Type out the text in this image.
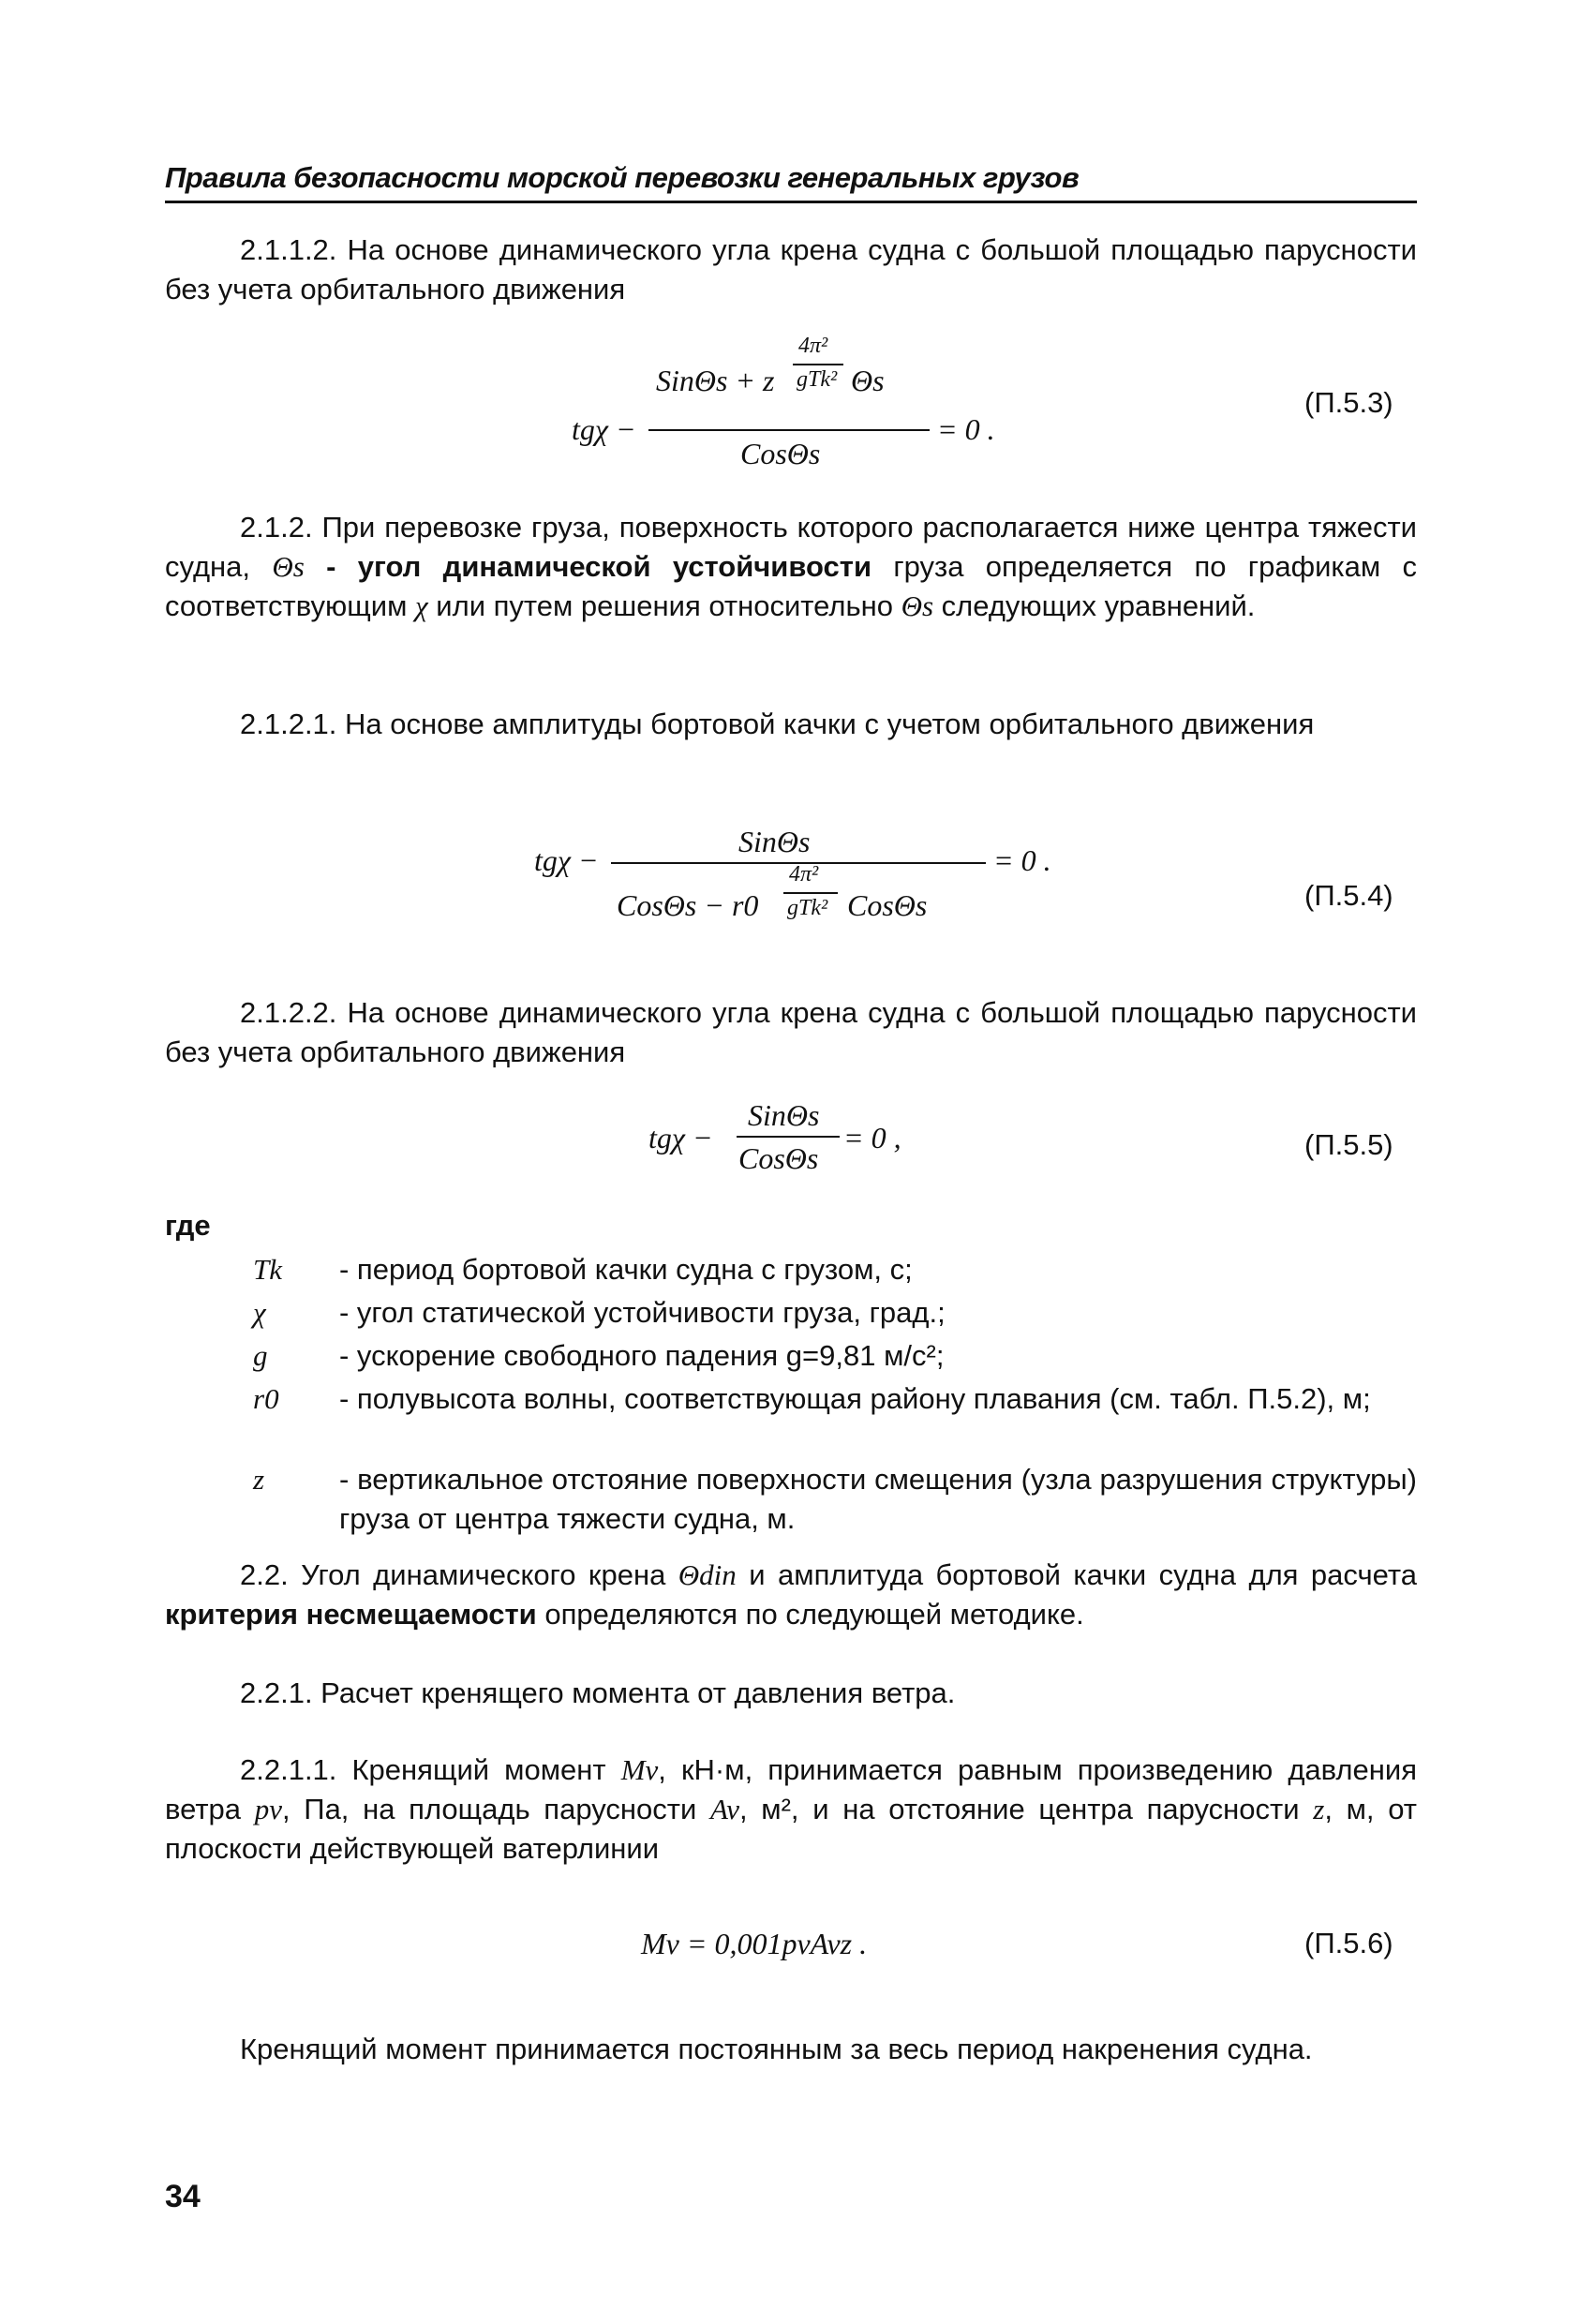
Правила безопасности морской перевозки генеральных грузов
2.1.1.2. На основе динамического угла крена судна с большой площадью парусности без учета орбитального движения
tgχ −
SinΘs + z
4π²
gTk² Θs
CosΘs
= 0 .
(П.5.3)
2.1.2. При перевозке груза, поверхность которого располагается ниже центра тяжести судна, Θs - угол динамической устойчивости груза определяется по графикам с соответствующим χ или путем решения относительно Θs следующих уравнений.
2.1.2.1. На основе амплитуды бортовой качки с учетом орбитального движения
tgχ −
SinΘs
CosΘs − r0
4π²
gTk² CosΘs
= 0 .
(П.5.4)
2.1.2.2. На основе динамического угла крена судна с большой площадью парусности без учета орбитального движения
tgχ −
SinΘs
CosΘs
= 0 ,	(П.5.5)
где
Tk	- период бортовой качки судна с грузом, с;
χ	- угол статической устойчивости груза, град.;
g	- ускорение свободного падения g=9,81 м/с²;
r0	- полувысота волны, соответствующая району плавания (см. табл. П.5.2), м;
z	- вертикальное отстояние поверхности смещения (узла разрушения структуры) груза от центра тяжести судна, м.
2.2. Угол динамического крена Θdin и амплитуда бортовой качки судна для расчета критерия несмещаемости определяются по следующей методике.
2.2.1. Расчет кренящего момента от давления ветра.
2.2.1.1. Кренящий момент Mv, кН·м, принимается равным произведению давления ветра pv, Па, на площадь парусности Av, м², и на отстояние центра парусности z, м, от плоскости действующей ватерлинии
Mv = 0,001pvAvz .	(П.5.6)
Кренящий момент принимается постоянным за весь период накренения судна.
34
